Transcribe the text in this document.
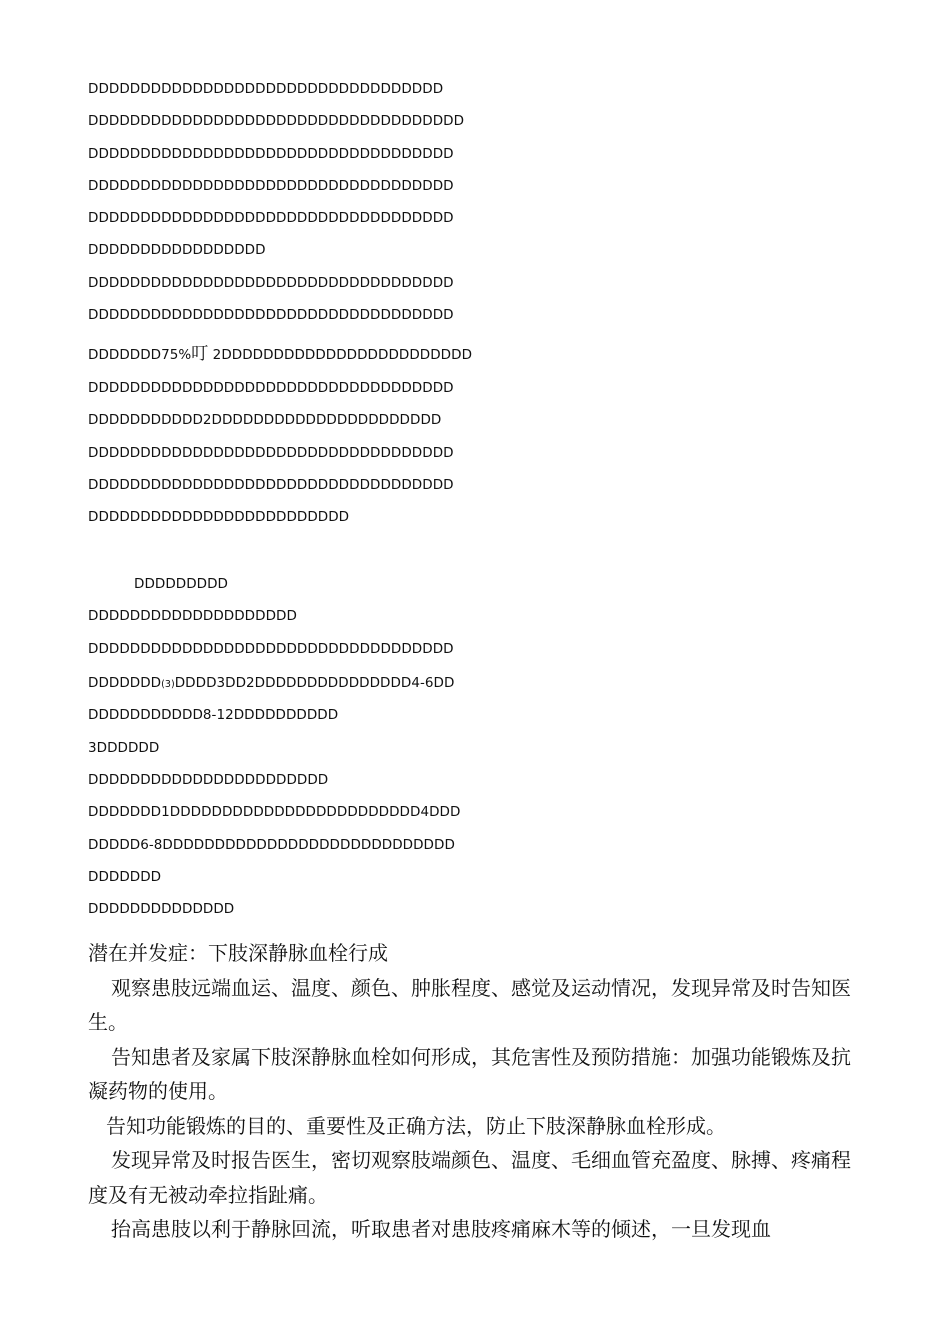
DDDDDDDDDDDDDDDDDDDDDDDDDDDDDDDDDD
DDDDDDDDDDDDDDDDDDDDDDDDDDDDDDDDDDDD
DDDDDDDDDDDDDDDDDDDDDDDDDDDDDDDDDDD
DDDDDDDDDDDDDDDDDDDDDDDDDDDDDDDDDDD
DDDDDDDDDDDDDDDDDDDDDDDDDDDDDDDDDDD
DDDDDDDDDDDDDDDDD
DDDDDDDDDDDDDDDDDDDDDDDDDDDDDDDDDDD
DDDDDDDDDDDDDDDDDDDDDDDDDDDDDDDDDDD
DDDDDDD75%叮 2DDDDDDDDDDDDDDDDDDDDDDDD
DDDDDDDDDDDDDDDDDDDDDDDDDDDDDDDDDDD
DDDDDDDDDDD2DDDDDDDDDDDDDDDDDDDDDD
DDDDDDDDDDDDDDDDDDDDDDDDDDDDDDDDDDD
DDDDDDDDDDDDDDDDDDDDDDDDDDDDDDDDDDD
DDDDDDDDDDDDDDDDDDDDDDDDD
DDDDDDDDD
DDDDDDDDDDDDDDDDDDDD
DDDDDDDDDDDDDDDDDDDDDDDDDDDDDDDDDDD
DDDDDDD(3)DDDD3DD2DDDDDDDDDDDDDDD4-6DD
DDDDDDDDDDD8-12DDDDDDDDDD
3DDDDDD
DDDDDDDDDDDDDDDDDDDDDDD
DDDDDDD1DDDDDDDDDDDDDDDDDDDDDDDD4DDD
DDDDD6-8DDDDDDDDDDDDDDDDDDDDDDDDDDDD
DDDDDDD
DDDDDDDDDDDDDD

潜在并发症：下肢深静脉血栓行成

观察患肢远端血运、温度、颜色、肿胀程度、感觉及运动情况，发现异常及时告知医生。

告知患者及家属下肢深静脉血栓如何形成，其危害性及预防措施：加强功能锻炼及抗凝药物的使用。

告知功能锻炼的目的、重要性及正确方法，防止下肢深静脉血栓形成。

发现异常及时报告医生，密切观察肢端颜色、温度、毛细血管充盈度、脉搏、疼痛程度及有无被动牵拉指趾痛。

抬高患肢以利于静脉回流，听取患者对患肢疼痛麻木等的倾述，一旦发现血
